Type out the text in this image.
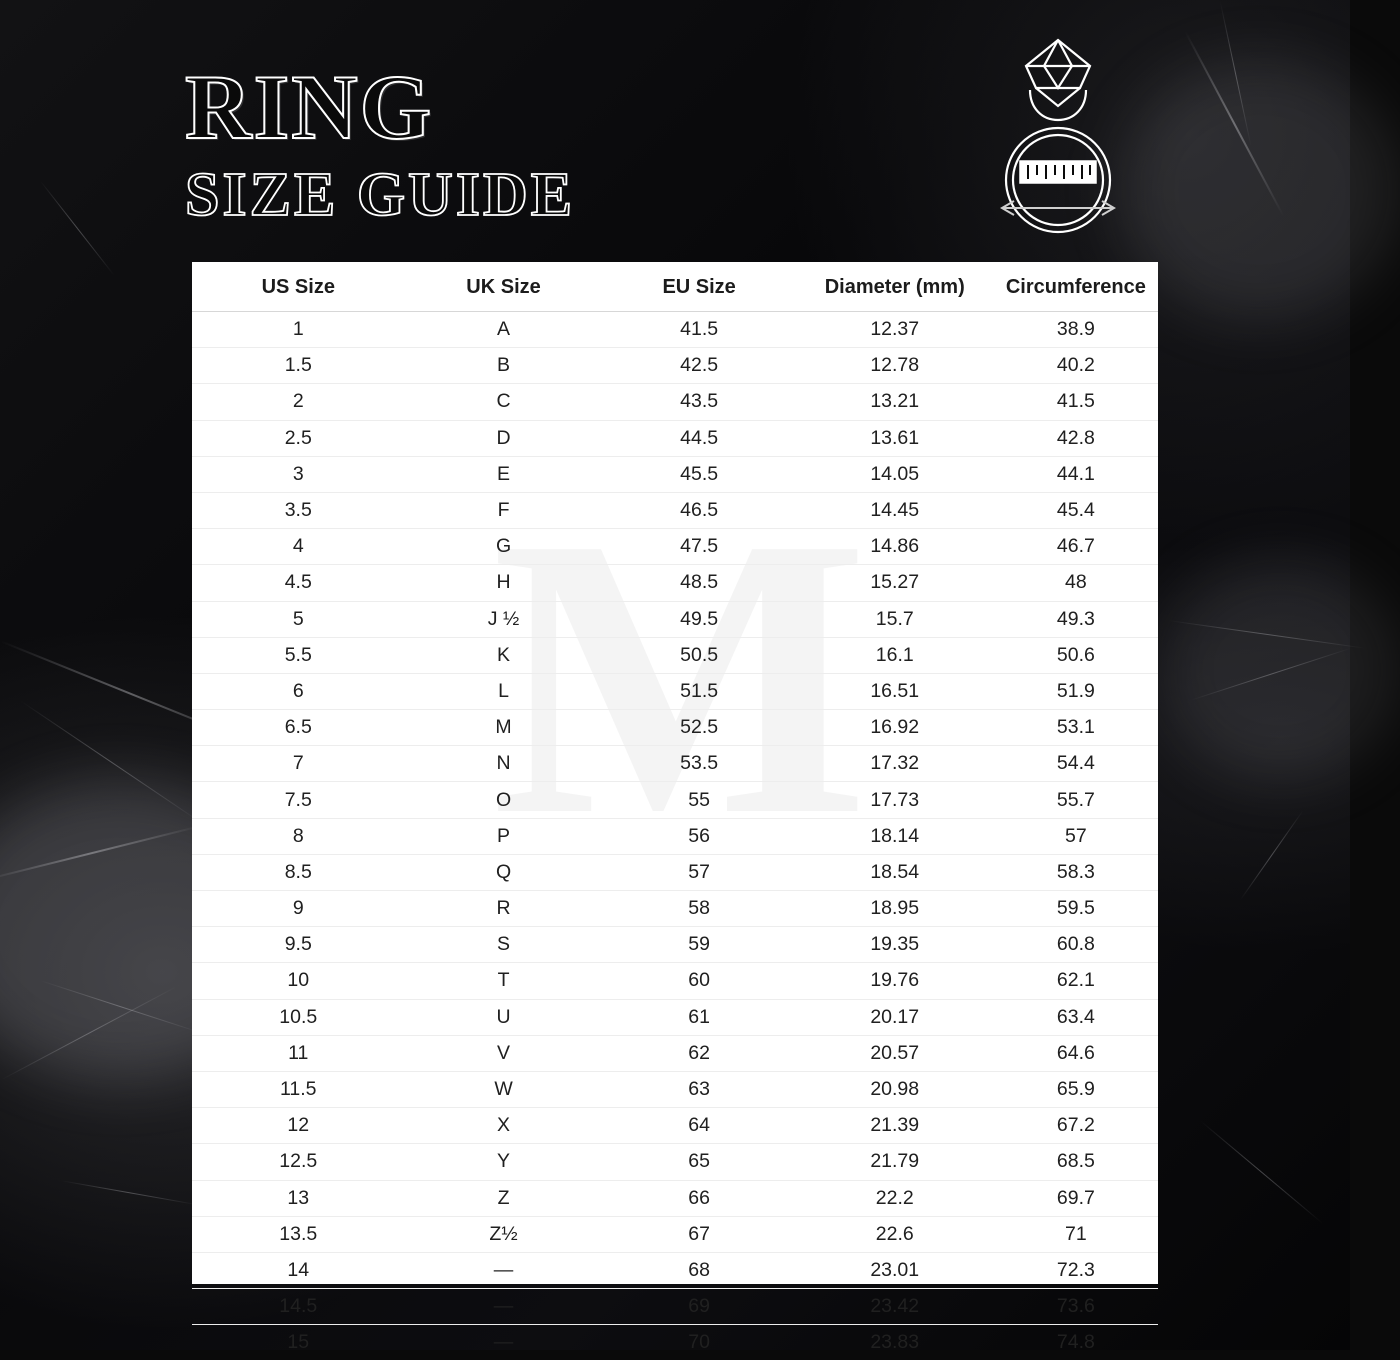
RING
SIZE GUIDE
US Size	UK Size	EU Size	Diameter (mm)	Circumference
1	A	41.5	12.37	38.9
1.5	B	42.5	12.78	40.2
2	C	43.5	13.21	41.5
2.5	D	44.5	13.61	42.8
3	E	45.5	14.05	44.1
3.5	F	46.5	14.45	45.4
4	G	47.5	14.86	46.7
4.5	H	48.5	15.27	48
5	J ½	49.5	15.7	49.3
5.5	K	50.5	16.1	50.6
6	L	51.5	16.51	51.9
6.5	M	52.5	16.92	53.1
7	N	53.5	17.32	54.4
7.5	O	55	17.73	55.7
8	P	56	18.14	57
8.5	Q	57	18.54	58.3
9	R	58	18.95	59.5
9.5	S	59	19.35	60.8
10	T	60	19.76	62.1
10.5	U	61	20.17	63.4
11	V	62	20.57	64.6
11.5	W	63	20.98	65.9
12	X	64	21.39	67.2
12.5	Y	65	21.79	68.5
13	Z	66	22.2	69.7
13.5	Z½	67	22.6	71
14	—	68	23.01	72.3
14.5	—	69	23.42	73.6
15	—	70	23.83	74.8
